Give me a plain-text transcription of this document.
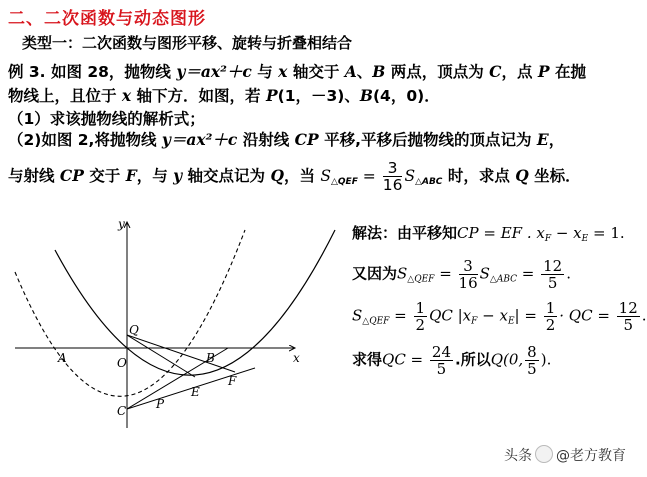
二、二次函数与动态图形
类型一：二次函数与图形平移、旋转与折叠相结合
例 3. 如图 28，抛物线 y＝ax²＋c 与 x 轴交于 A、B 两点，顶点为 C，点 P 在抛
物线上，且位于 x 轴下方．如图，若 P(1，－3)、B(4，0)．
（1）求该抛物线的解析式；
（2)如图 2,将抛物线 y＝ax²＋c 沿射线 CP 平移,平移后抛物线的顶点记为 E，
与射线 CP 交于 F，与 y 轴交点记为 Q，当 $S_{\triangle QEF} = \frac{3}{16} S_{\triangle ABC}$ 时，求点 Q 坐标．
y
x
O
A	B
C P
Q
E
F
解法：由平移知CP = EF . $x_F - x_E = 1$.
又因为$S_{\triangle QEF} = \frac{3}{16} S_{\triangle ABC} = \frac{12}{5}$ .
$S_{\triangle QEF} = \frac{1}{2}$ QC $|x_F - x_E| = \frac{1}{2}$ · QC = $\frac{12}{5}$ .
求得QC = $\frac{24}{5}$ .所以Q(0, $\frac{8}{5}$ ).
头条 @老方教育
